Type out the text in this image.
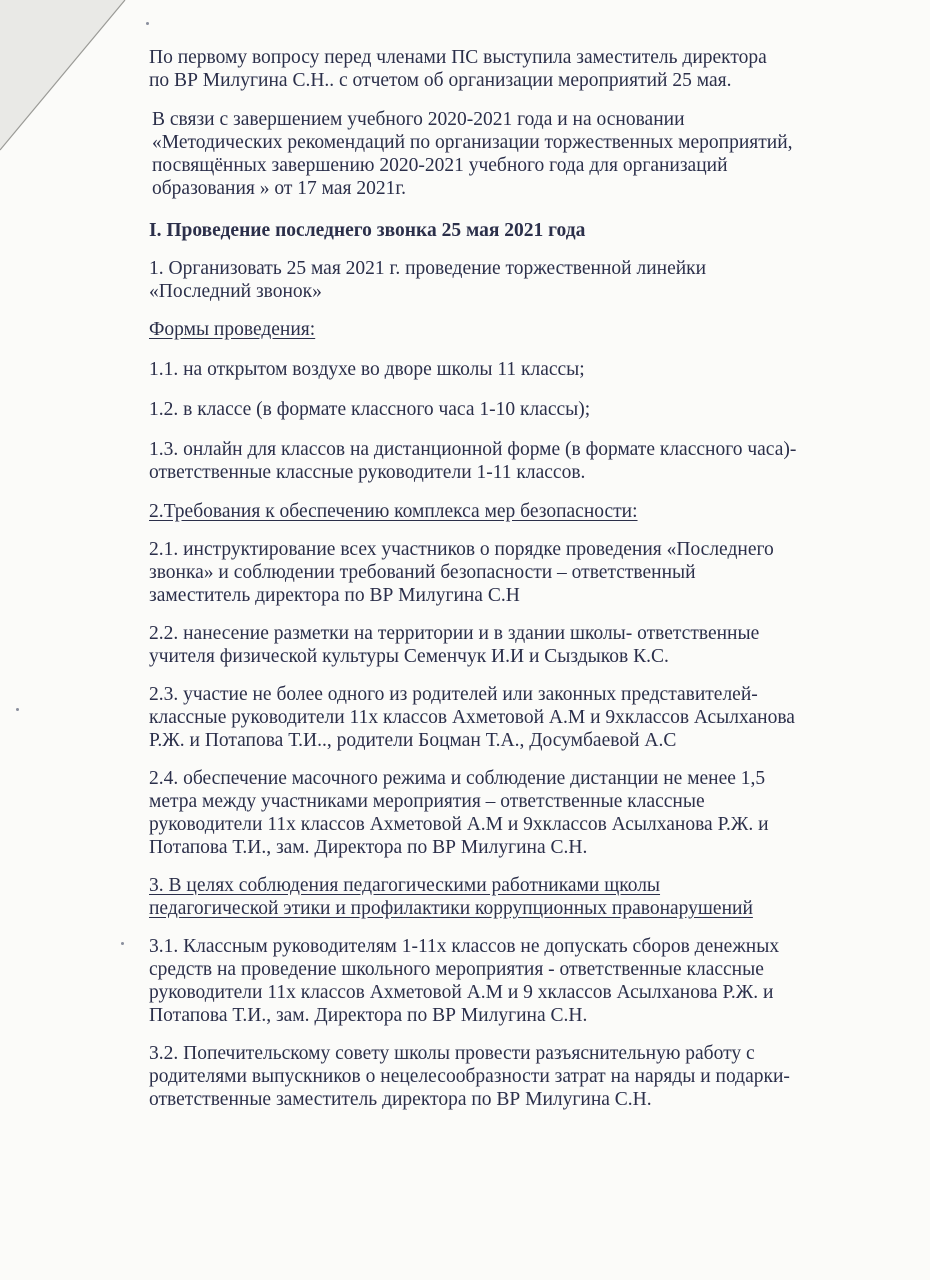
По первому вопросу перед членами ПС выступила заместитель директора
по ВР Милугина С.Н.. с отчетом об организации мероприятий 25 мая.

В связи с завершением учебного 2020-2021 года и на основании
«Методических рекомендаций по организации торжественных мероприятий,
посвящённых завершению 2020-2021 учебного года для организаций
образования » от 17 мая 2021г.

I. Проведение последнего звонка 25 мая 2021 года

1. Организовать 25 мая 2021 г. проведение торжественной линейки
«Последний звонок»

Формы проведения:

1.1. на открытом воздухе во дворе школы 11 классы;

1.2. в классе (в формате классного часа 1-10 классы);

1.3. онлайн для классов на дистанционной форме (в формате классного часа)-
ответственные классные руководители 1-11 классов.

2.Требования к обеспечению комплекса мер безопасности:

2.1. инструктирование всех участников о порядке проведения «Последнего
звонка» и соблюдении требований безопасности – ответственный
заместитель директора по ВР Милугина С.Н

2.2. нанесение разметки на территории и в здании школы- ответственные
учителя физической культуры Семенчук И.И и Сыздыков К.С.

2.3. участие не более одного из родителей или законных представителей-
классные руководители 11х классов Ахметовой А.М и 9хклассов Асылханова
Р.Ж. и Потапова Т.И.., родители Боцман Т.А., Досумбаевой А.С

2.4. обеспечение масочного режима и соблюдение дистанции не менее 1,5
метра между участниками мероприятия – ответственные классные
руководители 11х классов Ахметовой А.М и 9хклассов Асылханова Р.Ж. и
Потапова Т.И., зам. Директора по ВР Милугина С.Н.

3. В целях соблюдения педагогическими работниками щколы
педагогической этики и профилактики коррупционных правонарушений

3.1. Классным руководителям 1-11х классов не допускать сборов денежных
средств на проведение школьного мероприятия - ответственные классные
руководители 11х классов Ахметовой А.М и 9 хклассов Асылханова Р.Ж. и
Потапова Т.И., зам. Директора по ВР Милугина С.Н.

3.2. Попечительскому совету школы провести разъяснительную работу с
родителями выпускников о нецелесообразности затрат на наряды и подарки-
ответственные заместитель директора по ВР Милугина С.Н.
